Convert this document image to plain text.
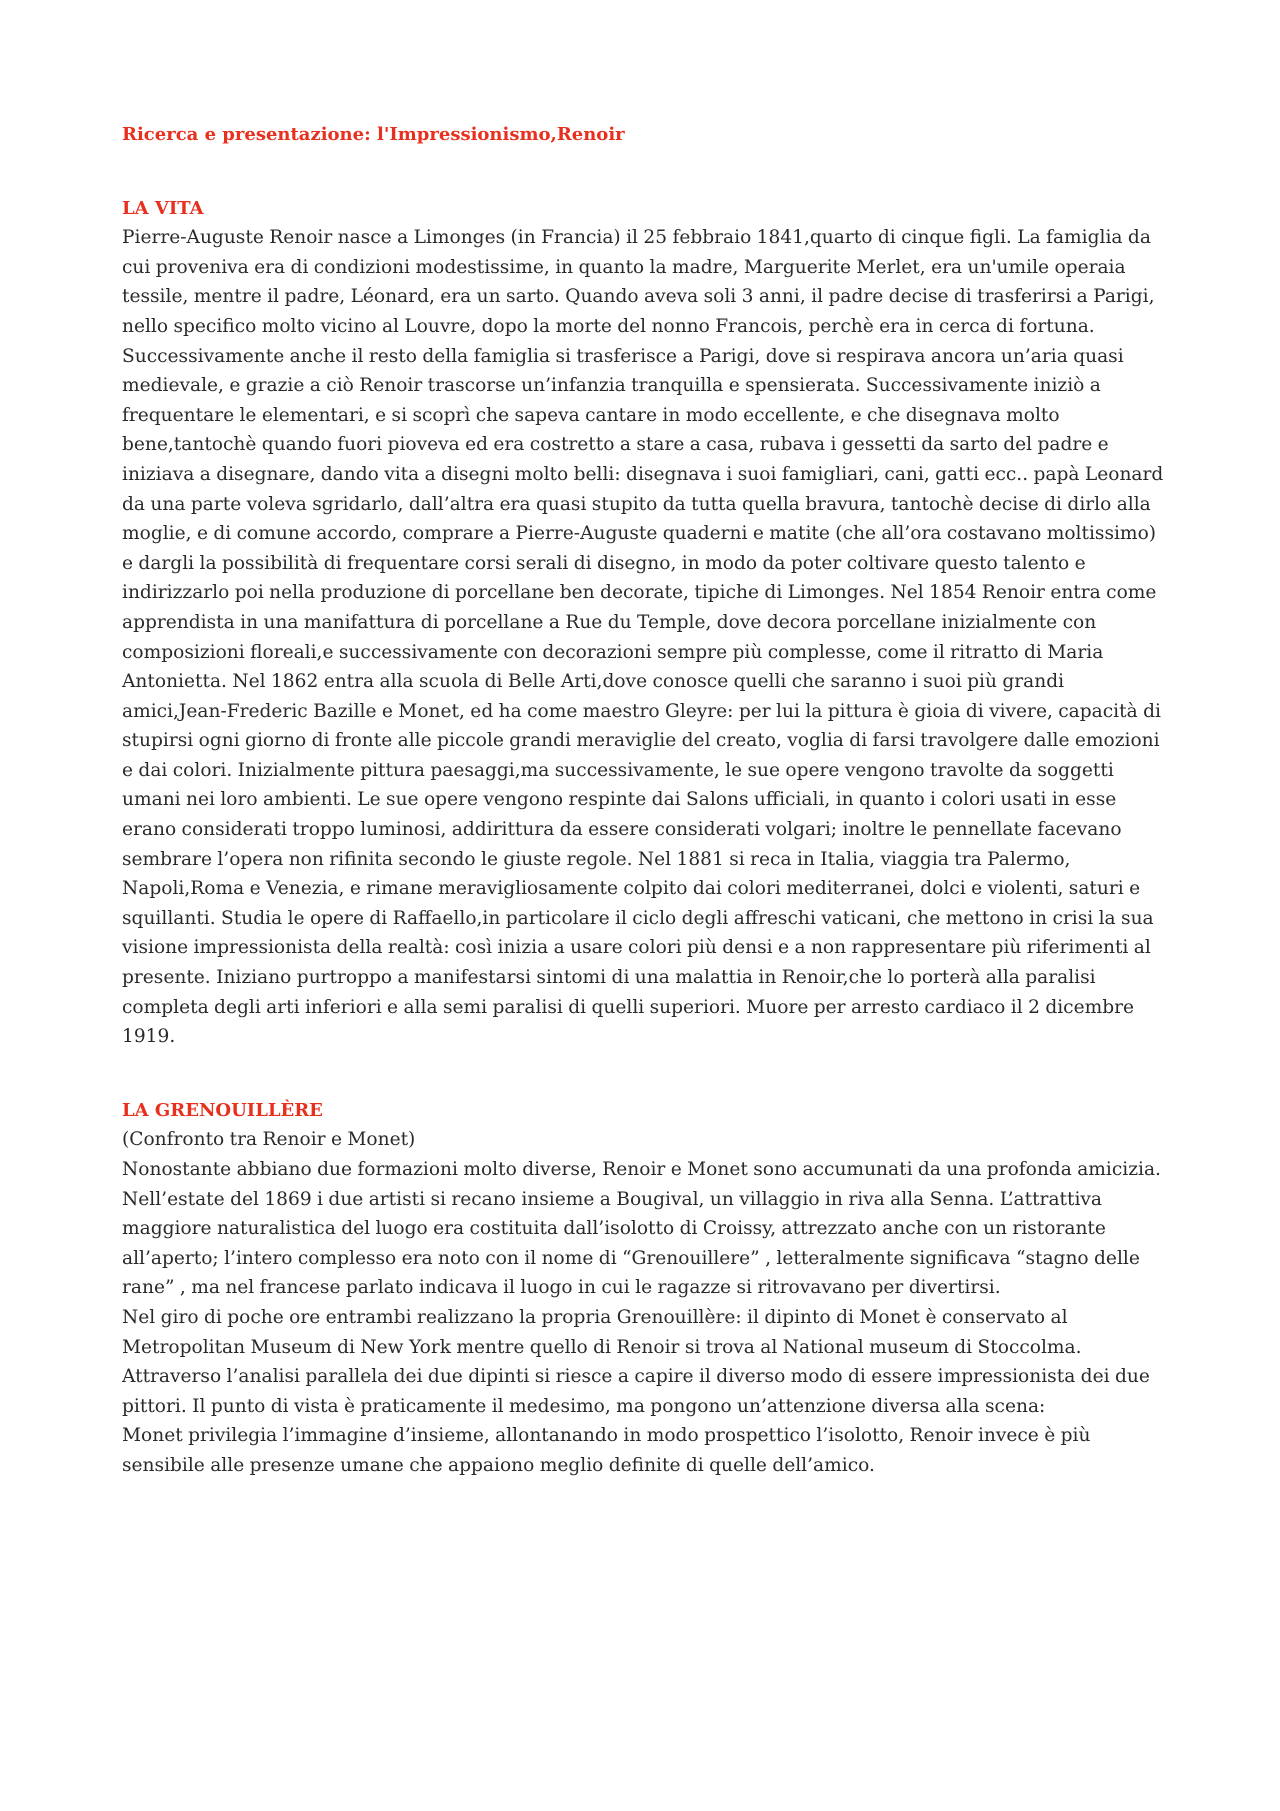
Ricerca e presentazione: l'Impressionismo,Renoir
LA VITA

Pierre-Auguste Renoir nasce a Limonges (in Francia) il 25 febbraio 1841,quarto di cinque figli. La famiglia da cui proveniva era di condizioni modestissime, in quanto la madre, Marguerite Merlet, era un'umile operaia tessile, mentre il padre, Léonard, era un sarto. Quando aveva soli 3 anni, il padre decise di trasferirsi a Parigi, nello specifico molto vicino al Louvre, dopo la morte del nonno Francois, perchè era in cerca di fortuna. Successivamente anche il resto della famiglia si trasferisce a Parigi, dove si respirava ancora un’aria quasi medievale, e grazie a ciò Renoir trascorse un’infanzia tranquilla e spensierata. Successivamente iniziò a frequentare le elementari, e si scoprì che sapeva cantare in modo eccellente, e che disegnava molto bene,tantochè quando fuori pioveva ed era costretto a stare a casa, rubava i gessetti da sarto del padre e iniziava a disegnare, dando vita a disegni molto belli: disegnava i suoi famigliari, cani, gatti ecc.. papà Leonard da una parte voleva sgridarlo, dall’altra era quasi stupito da tutta quella bravura, tantochè decise di dirlo alla moglie, e di comune accordo, comprare a Pierre-Auguste quaderni e matite (che all’ora costavano moltissimo) e dargli la possibilità di frequentare corsi serali di disegno, in modo da poter coltivare questo talento e indirizzarlo poi nella produzione di porcellane ben decorate, tipiche di Limonges. Nel 1854 Renoir entra come apprendista in una manifattura di porcellane a Rue du Temple, dove decora porcellane inizialmente con composizioni floreali,e successivamente con decorazioni sempre più complesse, come il ritratto di Maria Antonietta. Nel 1862 entra alla scuola di Belle Arti,dove conosce quelli che saranno i suoi più grandi amici,Jean-Frederic Bazille e Monet, ed ha come maestro Gleyre: per lui la pittura è gioia di vivere, capacità di stupirsi ogni giorno di fronte alle piccole grandi meraviglie del creato, voglia di farsi travolgere dalle emozioni e dai colori. Inizialmente pittura paesaggi,ma successivamente, le sue opere vengono travolte da soggetti umani nei loro ambienti. Le sue opere vengono respinte dai Salons ufficiali, in quanto i colori usati in esse erano considerati troppo luminosi, addirittura da essere considerati volgari; inoltre le pennellate facevano sembrare l’opera non rifinita secondo le giuste regole. Nel 1881 si reca in Italia, viaggia tra Palermo, Napoli,Roma e Venezia, e rimane meravigliosamente colpito dai colori mediterranei, dolci e violenti, saturi e squillanti. Studia le opere di Raffaello,in particolare il ciclo degli affreschi vaticani, che mettono in crisi la sua visione impressionista della realtà: così inizia a usare colori più densi e a non rappresentare più riferimenti al presente. Iniziano purtroppo a manifestarsi sintomi di una malattia in Renoir,che lo porterà alla paralisi completa degli arti inferiori e alla semi paralisi di quelli superiori. Muore per arresto cardiaco il 2 dicembre 1919.

LA GRENOUILLÈRE

(Confronto tra Renoir e Monet)

Nonostante abbiano due formazioni molto diverse, Renoir e Monet sono accumunati da una profonda amicizia.

Nell’estate del 1869 i due artisti si recano insieme a Bougival, un villaggio in riva alla Senna. L’attrattiva maggiore naturalistica del luogo era costituita dall’isolotto di Croissy, attrezzato anche con un ristorante all’aperto; l’intero complesso era noto con il nome di “Grenouillere” , letteralmente significava “stagno delle rane” , ma nel francese parlato indicava il luogo in cui le ragazze si ritrovavano per divertirsi.

Nel giro di poche ore entrambi realizzano la propria Grenouillère: il dipinto di Monet è conservato al Metropolitan Museum di New York mentre quello di Renoir si trova al National museum di Stoccolma.

Attraverso l’analisi parallela dei due dipinti si riesce a capire il diverso modo di essere impressionista dei due pittori. Il punto di vista è praticamente il medesimo, ma pongono un’attenzione diversa alla scena:

Monet privilegia l’immagine d’insieme, allontanando in modo prospettico l’isolotto, Renoir invece è più sensibile alle presenze umane che appaiono meglio definite di quelle dell’amico.
